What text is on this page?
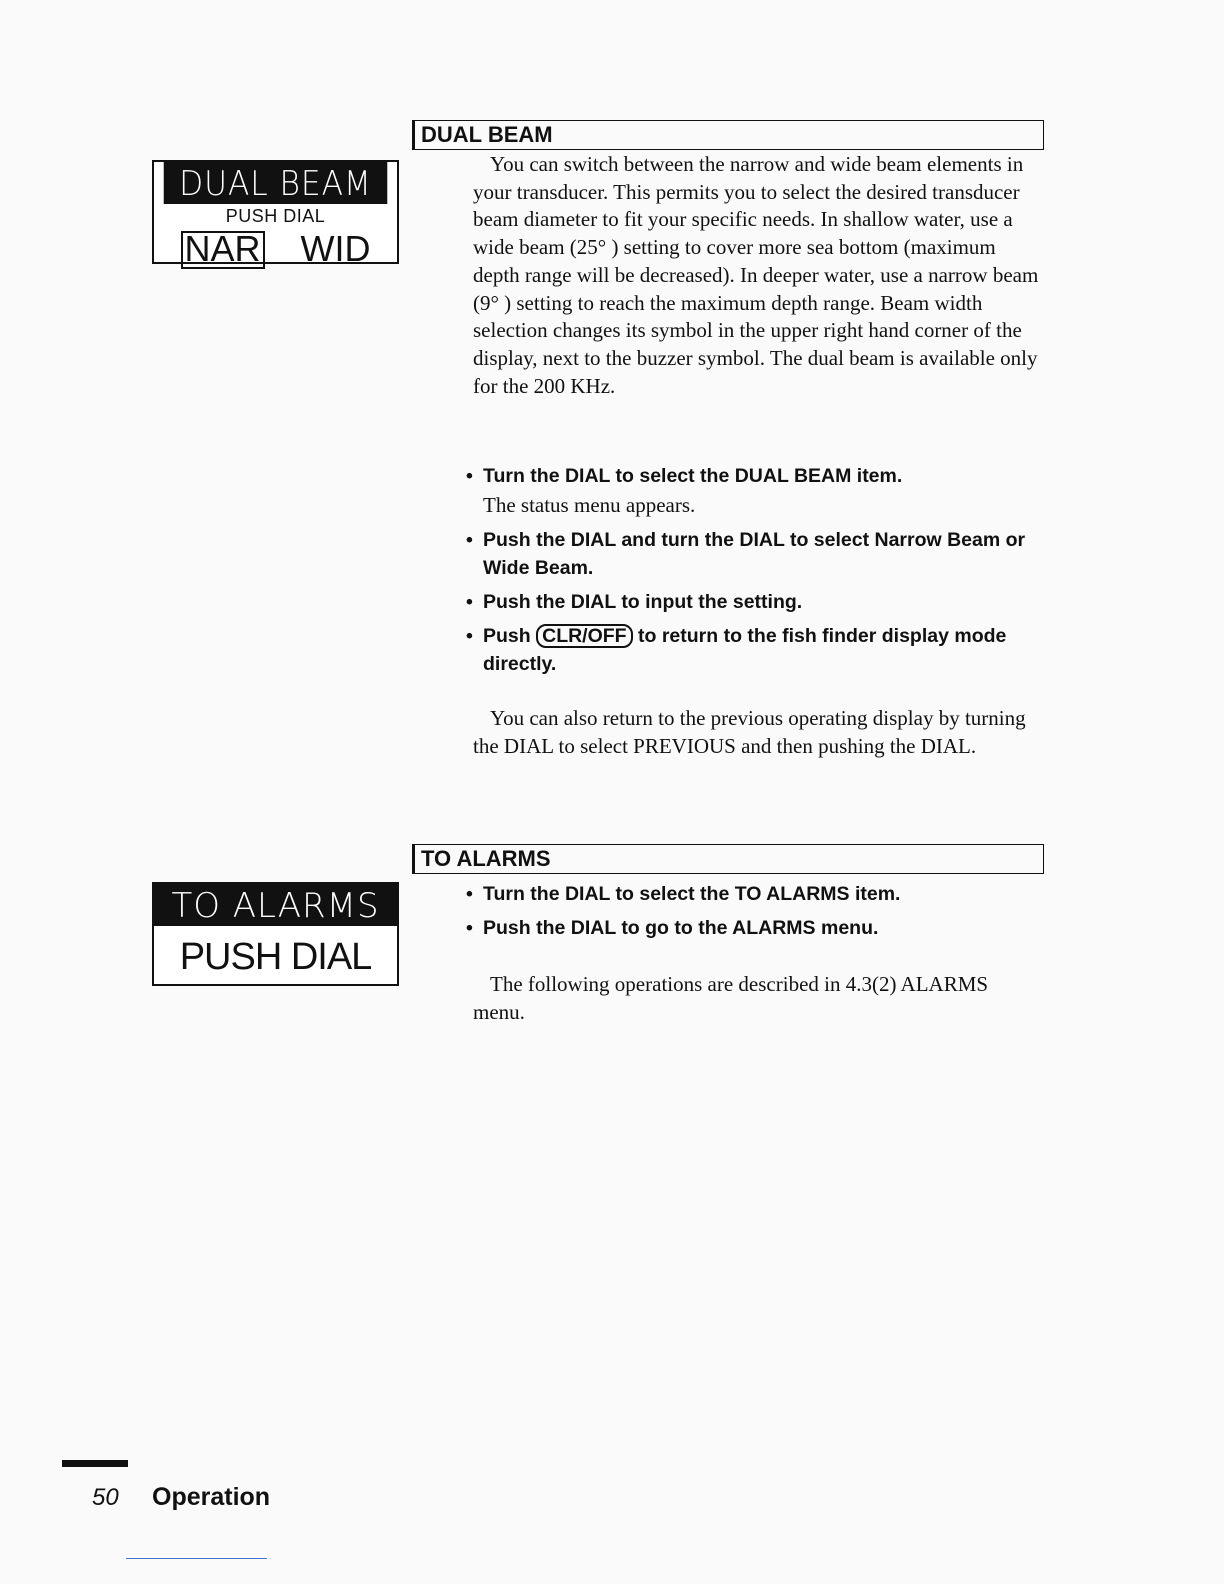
DUAL BEAM
PUSH DIAL
NAR WID
TO ALARMS
PUSH DIAL
DUAL BEAM
You can switch between the narrow and wide beam elements in your transducer. This permits you to select the desired transducer beam diameter to fit your specific needs. In shallow water, use a wide beam (25° ) setting to cover more sea bottom (maximum depth range will be decreased). In deeper water, use a narrow beam (9° ) setting to reach the maximum depth range. Beam width selection changes its symbol in the upper right hand corner of the display, next to the buzzer symbol. The dual beam is available only for the 200 KHz.
• Turn the DIAL to select the DUAL BEAM item.
The status menu appears.
• Push the DIAL and turn the DIAL to select Narrow Beam or Wide Beam.
• Push the DIAL to input the setting.
• Push CLR/OFF to return to the fish finder display mode directly.
You can also return to the previous operating display by turning the DIAL to select PREVIOUS and then pushing the DIAL.
TO ALARMS
• Turn the DIAL to select the TO ALARMS item.
• Push the DIAL to go to the ALARMS menu.
The following operations are described in 4.3(2) ALARMS menu.
50 Operation
